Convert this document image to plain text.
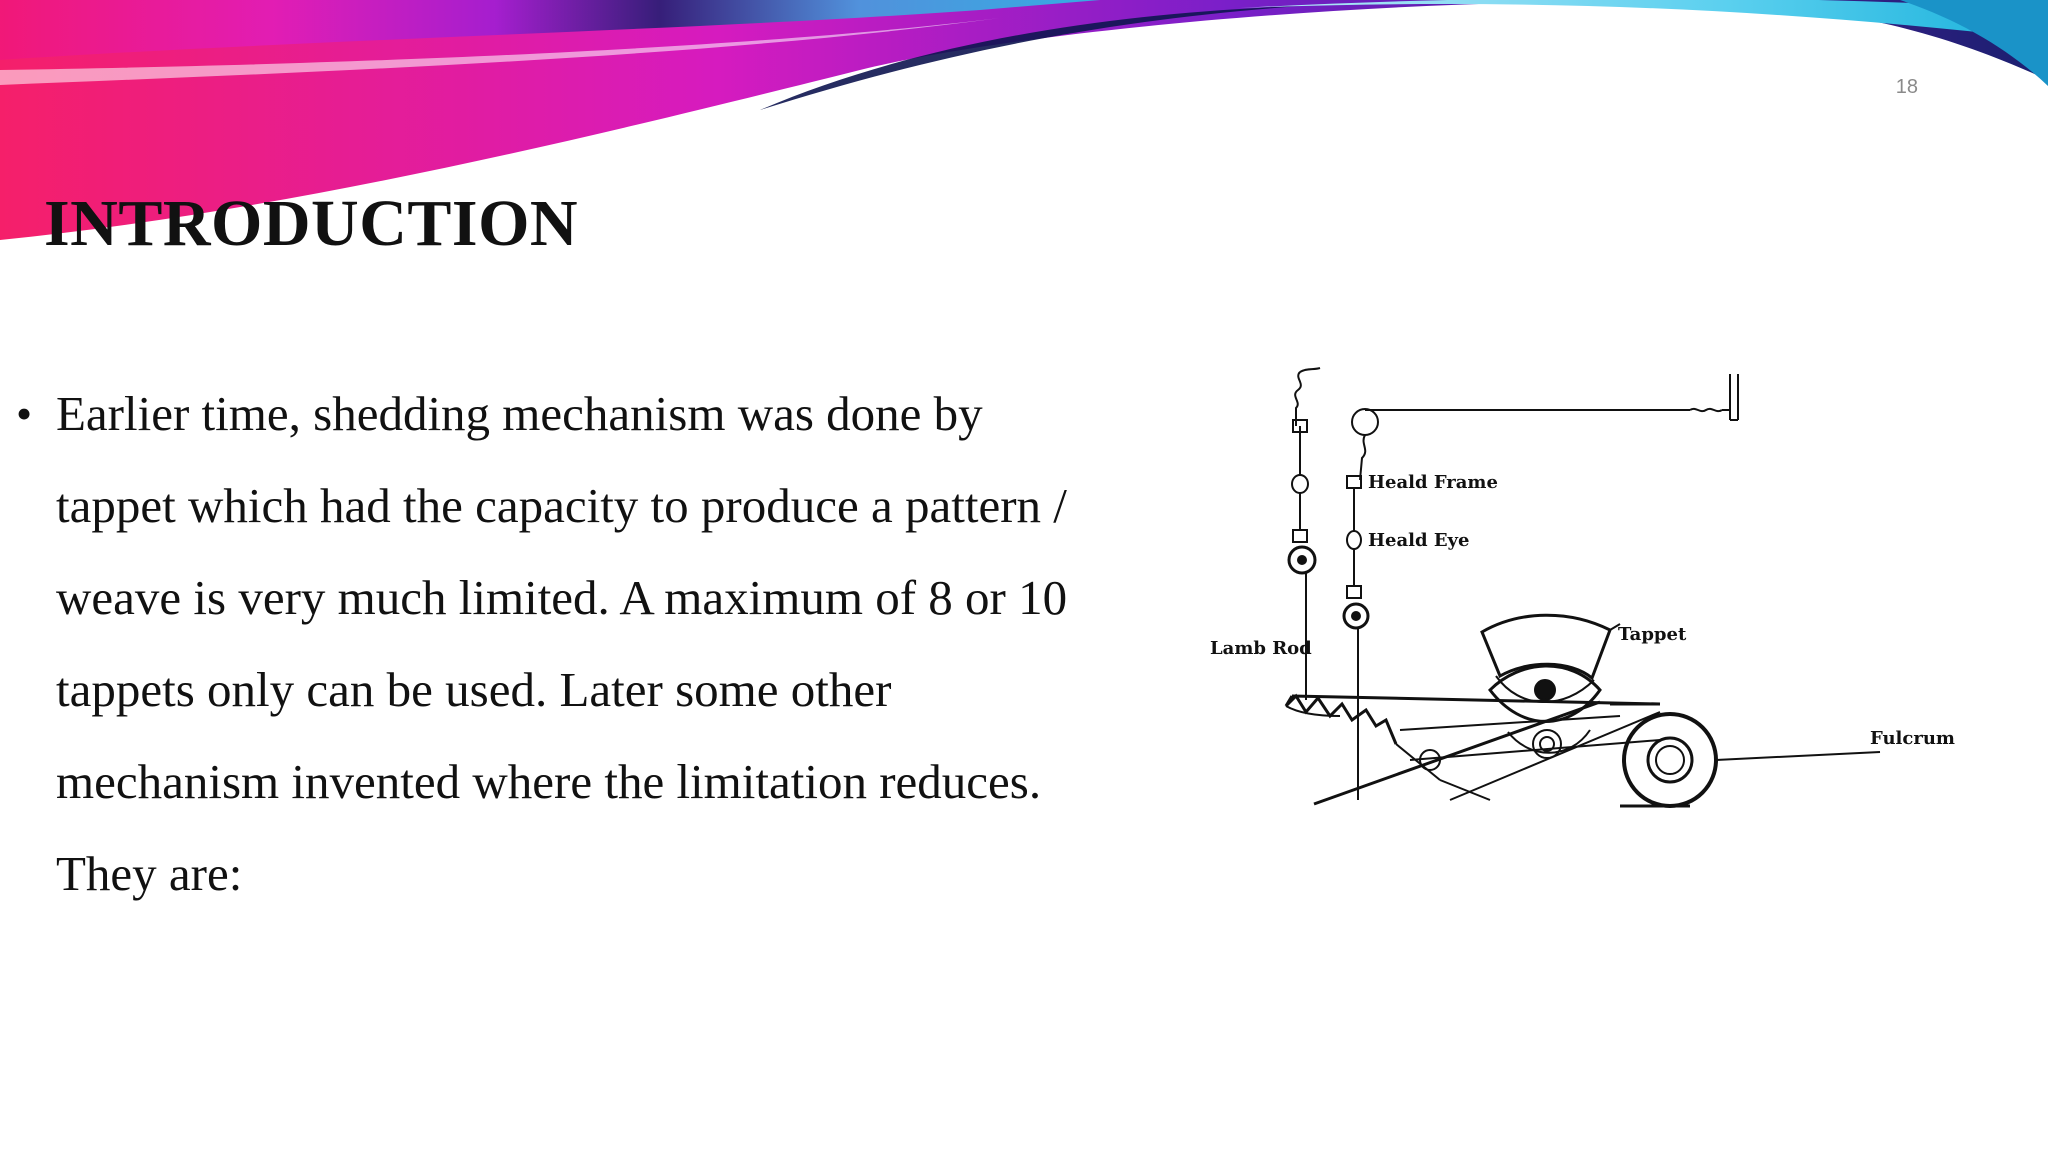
18
INTRODUCTION
• Earlier time, shedding mechanism was done by
tappet which had the capacity to produce a pattern /
weave is very much limited. A maximum of 8 or 10
tappets only can be used. Later some other
mechanism invented where the limitation reduces.
They are:
Heald Frame
Heald Eye
Lamb Rod
Tappet
Fulcrum
